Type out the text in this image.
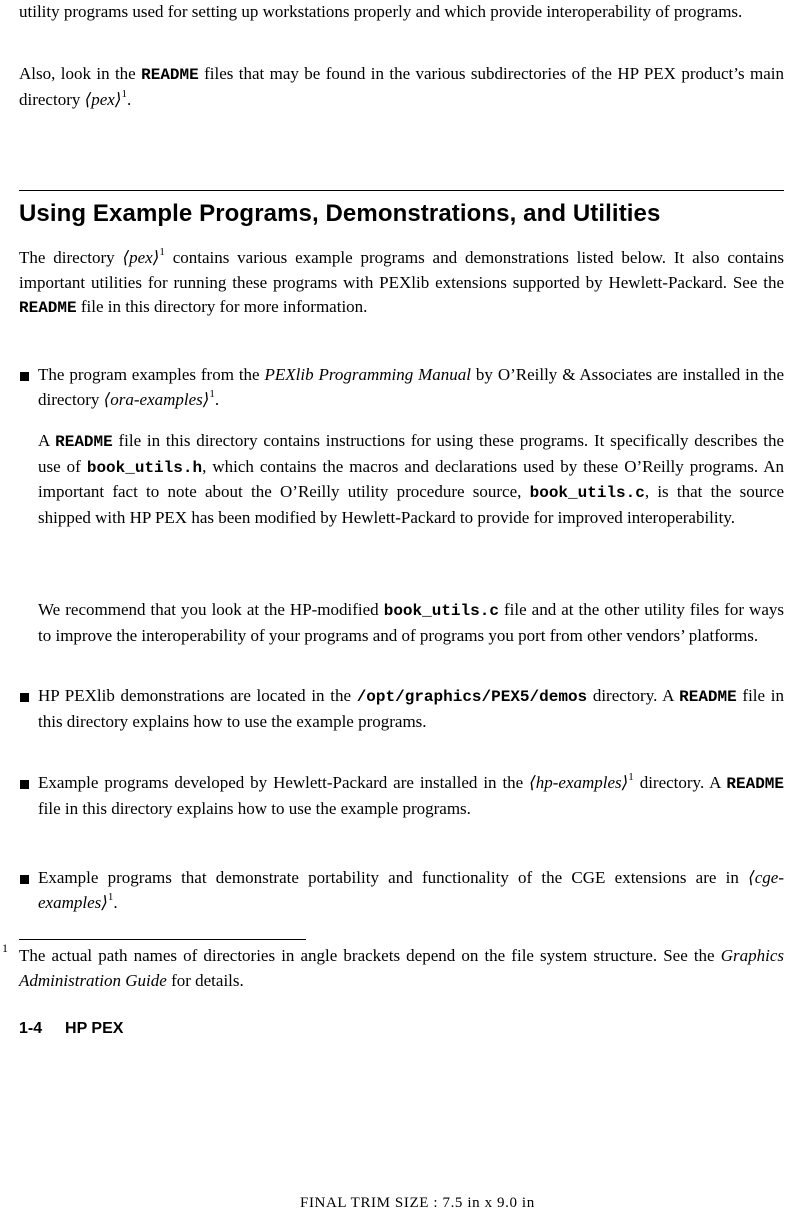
utility programs used for setting up workstations properly and which provide interoperability of programs.

Also, look in the README files that may be found in the various subdirectories of the HP PEX product’s main directory ⟨pex⟩$^1$.

Using Example Programs, Demonstrations, and Utilities

The directory ⟨pex⟩$^1$ contains various example programs and demonstrations listed below. It also contains important utilities for running these programs with PEXlib extensions supported by Hewlett-Packard. See the README file in this directory for more information.

The program examples from the PEXlib Programming Manual by O’Reilly & Associates are installed in the directory ⟨ora-examples⟩$^1$.

A README file in this directory contains instructions for using these programs. It specifically describes the use of book_utils.h, which contains the macros and declarations used by these O’Reilly programs. An important fact to note about the O’Reilly utility procedure source, book_utils.c, is that the source shipped with HP PEX has been modified by Hewlett-Packard to provide for improved interoperability.

We recommend that you look at the HP-modified book_utils.c file and at the other utility files for ways to improve the interoperability of your programs and of programs you port from other vendors’ platforms.

HP PEXlib demonstrations are located in the /opt/graphics/PEX5/demos directory. A README file in this directory explains how to use the example programs.

Example programs developed by Hewlett-Packard are installed in the ⟨hp-examples⟩$^1$ directory. A README file in this directory explains how to use the example programs.

Example programs that demonstrate portability and functionality of the CGE extensions are in ⟨cge-examples⟩$^1$.

1 The actual path names of directories in angle brackets depend on the file system structure. See the Graphics Administration Guide for details.

1-4 HP PEX
FINAL TRIM SIZE : 7.5 in x 9.0 in
